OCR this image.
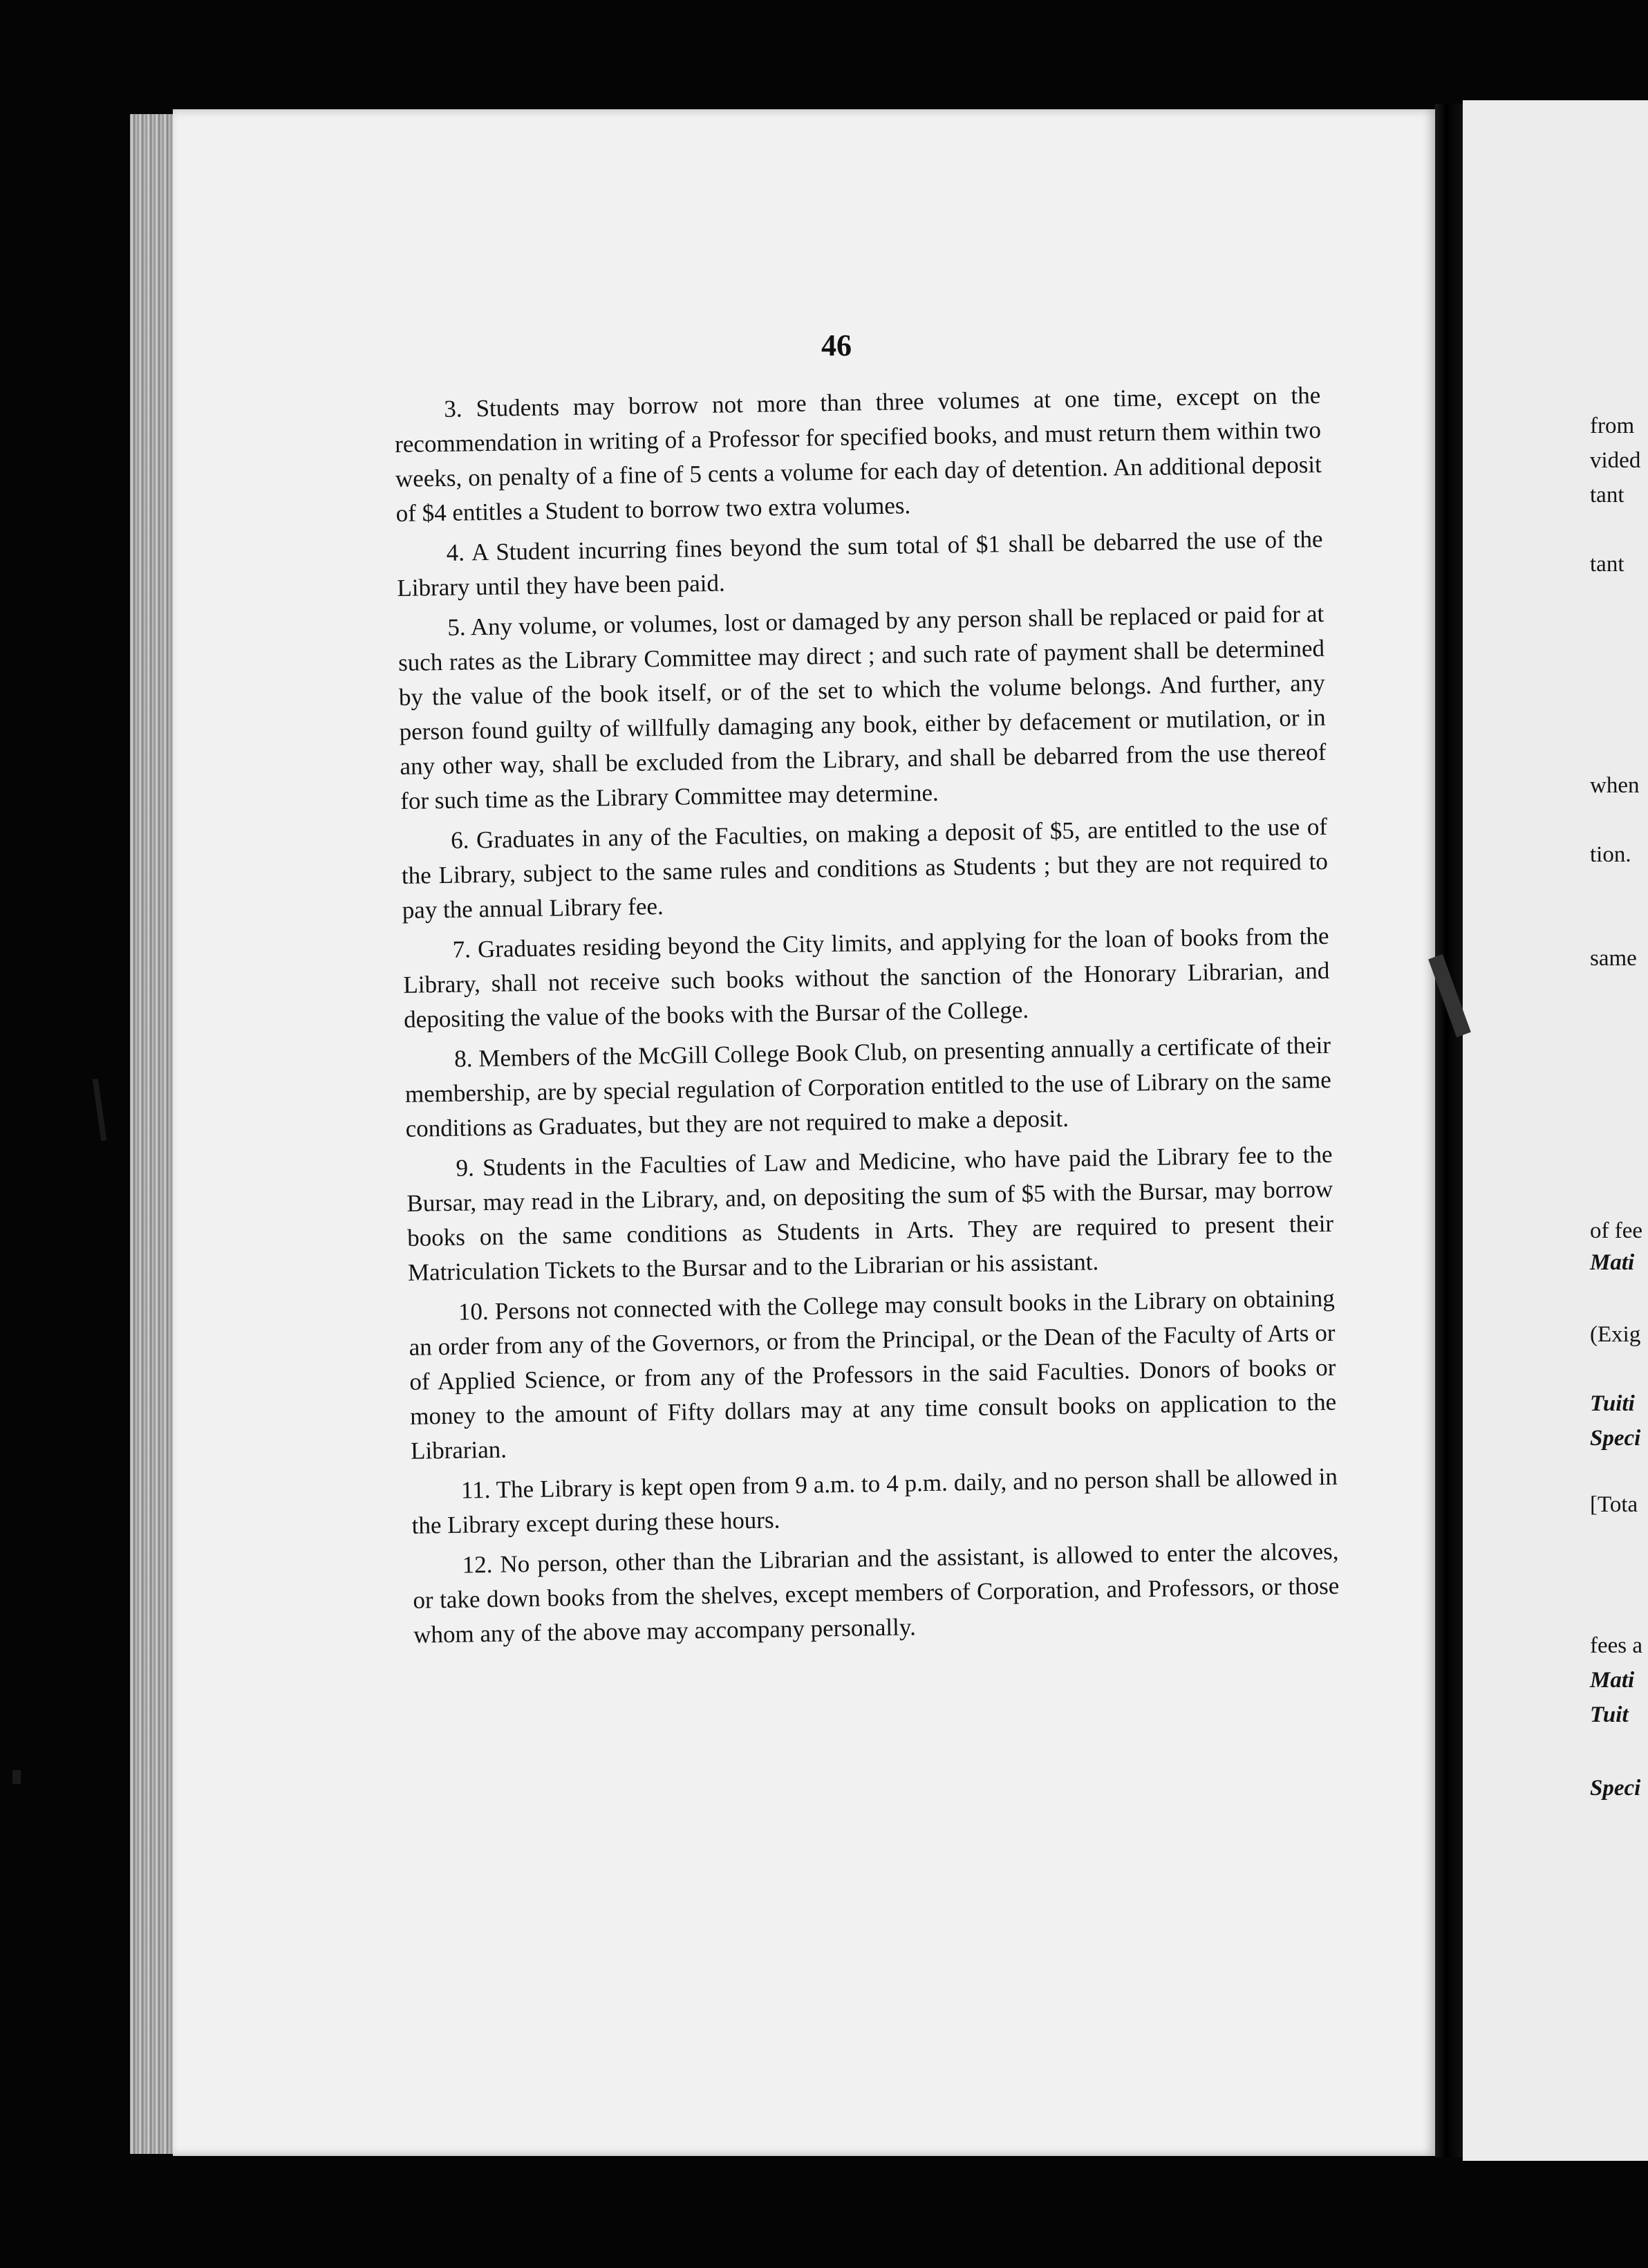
46

3. Students may borrow not more than three volumes at one time, except on the recommendation in writing of a Professor for specified books, and must return them within two weeks, on penalty of a fine of 5 cents a volume for each day of detention. An additional deposit of $4 entitles a Student to borrow two extra volumes.

4. A Student incurring fines beyond the sum total of $1 shall be debarred the use of the Library until they have been paid.

5. Any volume, or volumes, lost or damaged by any person shall be replaced or paid for at such rates as the Library Committee may direct ; and such rate of payment shall be determined by the value of the book itself, or of the set to which the volume belongs. And further, any person found guilty of willfully damaging any book, either by defacement or mutilation, or in any other way, shall be excluded from the Library, and shall be debarred from the use thereof for such time as the Library Committee may determine.

6. Graduates in any of the Faculties, on making a deposit of $5, are entitled to the use of the Library, subject to the same rules and conditions as Students ; but they are not required to pay the annual Library fee.

7. Graduates residing beyond the City limits, and applying for the loan of books from the Library, shall not receive such books without the sanction of the Honorary Librarian, and depositing the value of the books with the Bursar of the College.

8. Members of the McGill College Book Club, on presenting annually a certificate of their membership, are by special regulation of Corporation entitled to the use of Library on the same conditions as Graduates, but they are not required to make a deposit.

9. Students in the Faculties of Law and Medicine, who have paid the Library fee to the Bursar, may read in the Library, and, on depositing the sum of $5 with the Bursar, may borrow books on the same conditions as Students in Arts. They are required to present their Matriculation Tickets to the Bursar and to the Librarian or his assistant.

10. Persons not connected with the College may consult books in the Library on obtaining an order from any of the Governors, or from the Principal, or the Dean of the Faculty of Arts or of Applied Science, or from any of the Professors in the said Faculties. Donors of books or money to the amount of Fifty dollars may at any time consult books on application to the Librarian.

11. The Library is kept open from 9 a.m. to 4 p.m. daily, and no person shall be allowed in the Library except during these hours.

12. No person, other than the Librarian and the assistant, is allowed to enter the alcoves, or take down books from the shelves, except members of Corporation, and Professors, or those whom any of the above may accompany personally.

from
vided
tant
tant
when
tion.
same
of fee
Mati
(Exig
Tuiti
Speci
[Tota
fees a
Mati
Tuit
Speci
